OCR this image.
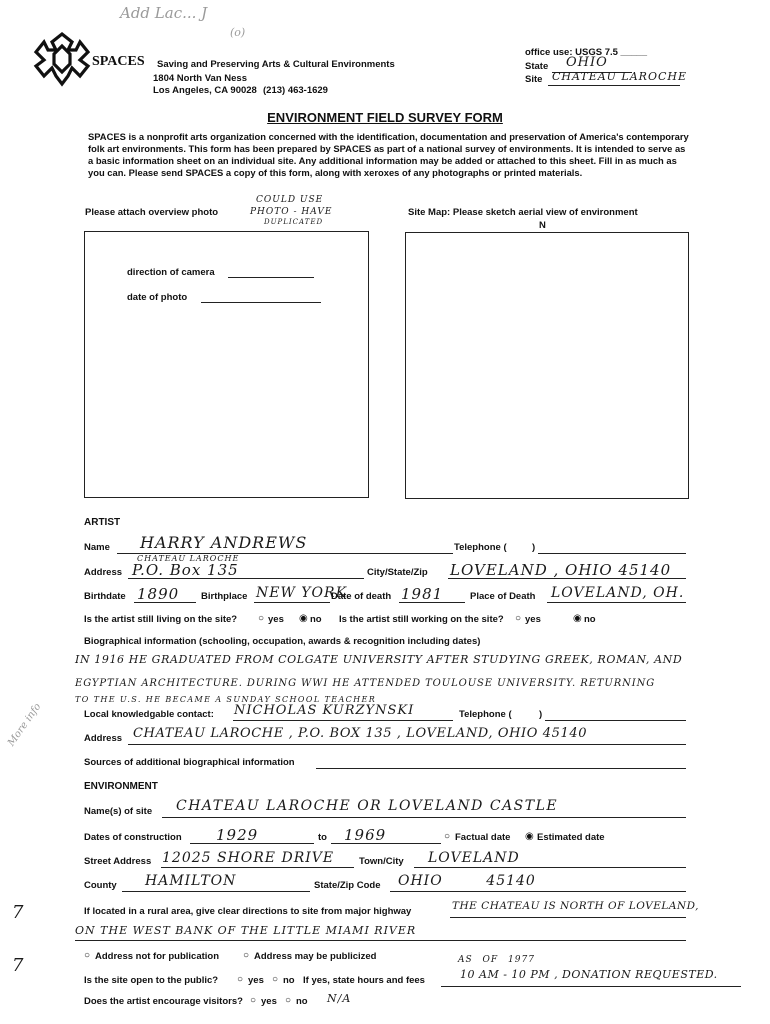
Add Lac... J
(o)
SPACES Saving and Preserving Arts & Cultural Environments
1804 North Van Ness
Los Angeles, CA 90028 (213) 463-1629
office use: USGS 7.5 _____
State OHIO
Site CHATEAU LAROCHE
ENVIRONMENT FIELD SURVEY FORM
SPACES is a nonprofit arts organization concerned with the identification, documentation and preservation of America's contemporary folk art environments. This form has been prepared by SPACES as part of a national survey of environments. It is intended to serve as a basic information sheet on an individual site. Any additional information may be added or attached to this sheet. Fill in as much as you can. Please send SPACES a copy of this form, along with xeroxes of any photographs or printed materials.
Please attach overview photo
COULD USE
PHOTO - HAVE
DUPLICATED
Site Map: Please sketch aerial view of environment
N
direction of camera
date of photo
ARTIST
Name HARRY ANDREWS	Telephone (	)
CHATEAU LAROCHE
Address P.O. Box 135	City/State/Zip LOVELAND , OHIO 45140
Birthdate 1890 Birthplace NEW YORK
Date of death 1981	Place of Death LOVELAND, OH.
Is the artist still living on the site? ○ yes ◉ no Is the artist still working on the site? ○ yes	◉ no
Biographical information (schooling, occupation, awards & recognition including dates)
IN 1916 HE GRADUATED FROM COLGATE UNIVERSITY AFTER STUDYING GREEK, ROMAN, AND
EGYPTIAN ARCHITECTURE. DURING WWI HE ATTENDED TOULOUSE UNIVERSITY. RETURNING
TO THE U.S. HE BECAME A SUNDAY SCHOOL TEACHER
Local knowledgable contact: NICHOLAS KURZYNSKI	Telephone (	)
Address CHATEAU LAROCHE , P.O. BOX 135 , LOVELAND, OHIO 45140
Sources of additional biographical information
ENVIRONMENT
Name(s) of site CHATEAU LAROCHE OR LOVELAND CASTLE
Dates of construction 1929	to 1969	○ Factual date ◉ Estimated date
Street Address 12025 SHORE DRIVE	Town/City LOVELAND
County HAMILTON	State/Zip Code OHIO        45140
If located in a rural area, give clear directions to site from major highway	THE CHATEAU IS NORTH OF LOVELAND,
ON THE WEST BANK OF THE LITTLE MIAMI RIVER
○ Address not for publication ○ Address may be publicized	AS OF 1977
Is the site open to the public? ○ yes ○ no If yes, state hours and fees	10 AM - 10 PM , DONATION REQUESTED.
Does the artist encourage visitors? ○ yes ○ no N/A
More info
7
7
